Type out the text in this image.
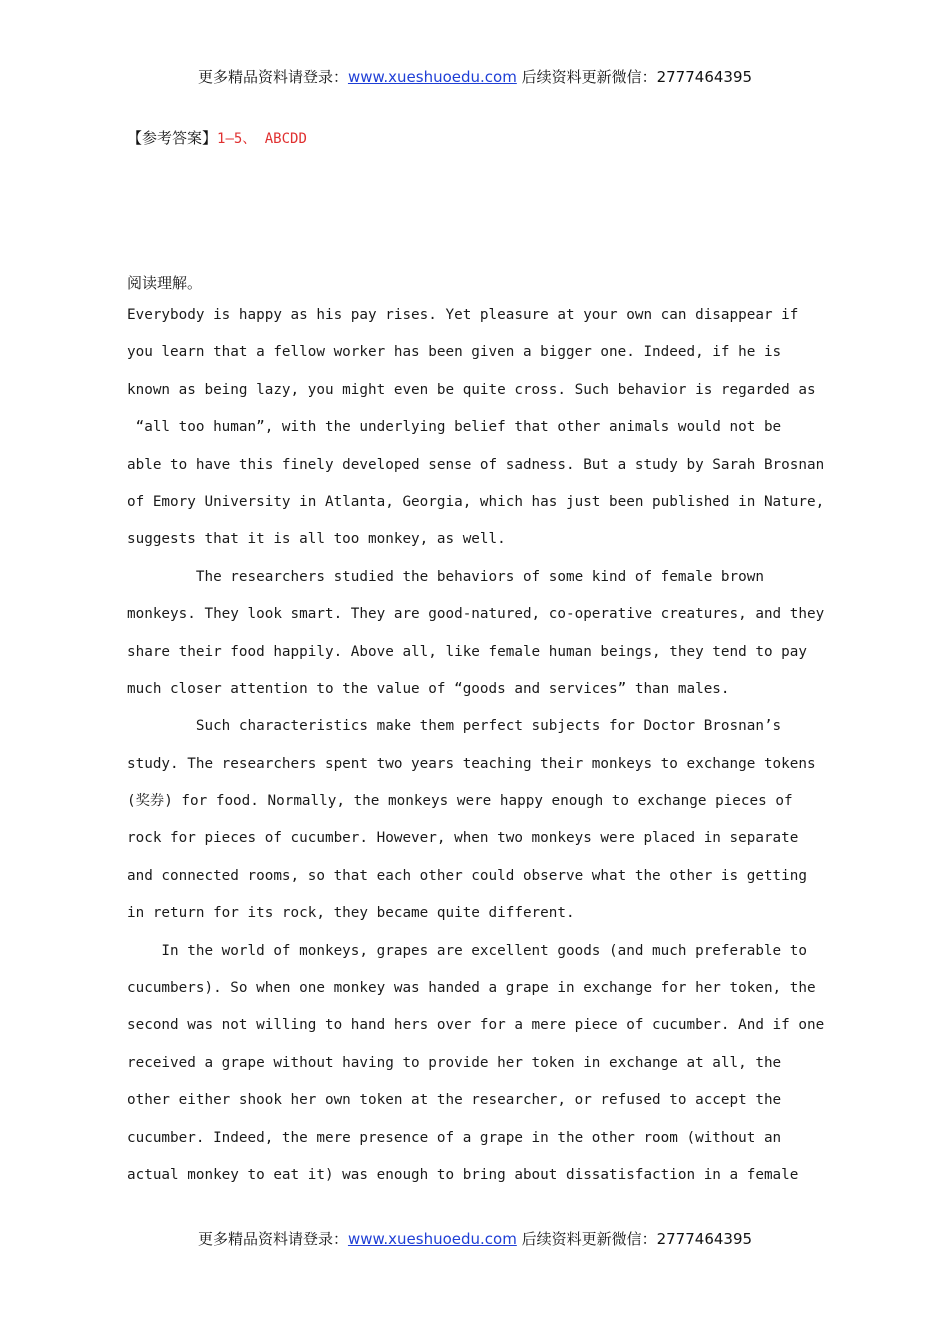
更多精品资料请登录：www.xueshuoedu.com 后续资料更新微信：2777464395
【参考答案】1—5、 ABCDD
阅读理解。
Everybody is happy as his pay rises. Yet pleasure at your own can disappear if
you learn that a fellow worker has been given a bigger one. Indeed, if he is
known as being lazy, you might even be quite cross. Such behavior is regarded as
“all too human”, with the underlying belief that other animals would not be
able to have this finely developed sense of sadness. But a study by Sarah Brosnan
of Emory University in Atlanta, Georgia, which has just been published in Nature,
suggests that it is all too monkey, as well.
The researchers studied the behaviors of some kind of female brown
monkeys. They look smart. They are good-natured, co-operative creatures, and they
share their food happily. Above all, like female human beings, they tend to pay
much closer attention to the value of “goods and services” than males.
Such characteristics make them perfect subjects for Doctor Brosnan’s
study. The researchers spent two years teaching their monkeys to exchange tokens
(奖券) for food. Normally, the monkeys were happy enough to exchange pieces of
rock for pieces of cucumber. However, when two monkeys were placed in separate
and connected rooms, so that each other could observe what the other is getting
in return for its rock, they became quite different.
In the world of monkeys, grapes are excellent goods (and much preferable to
cucumbers). So when one monkey was handed a grape in exchange for her token, the
second was not willing to hand hers over for a mere piece of cucumber. And if one
received a grape without having to provide her token in exchange at all, the
other either shook her own token at the researcher, or refused to accept the
cucumber. Indeed, the mere presence of a grape in the other room (without an
actual monkey to eat it) was enough to bring about dissatisfaction in a female
更多精品资料请登录：www.xueshuoedu.com 后续资料更新微信：2777464395
